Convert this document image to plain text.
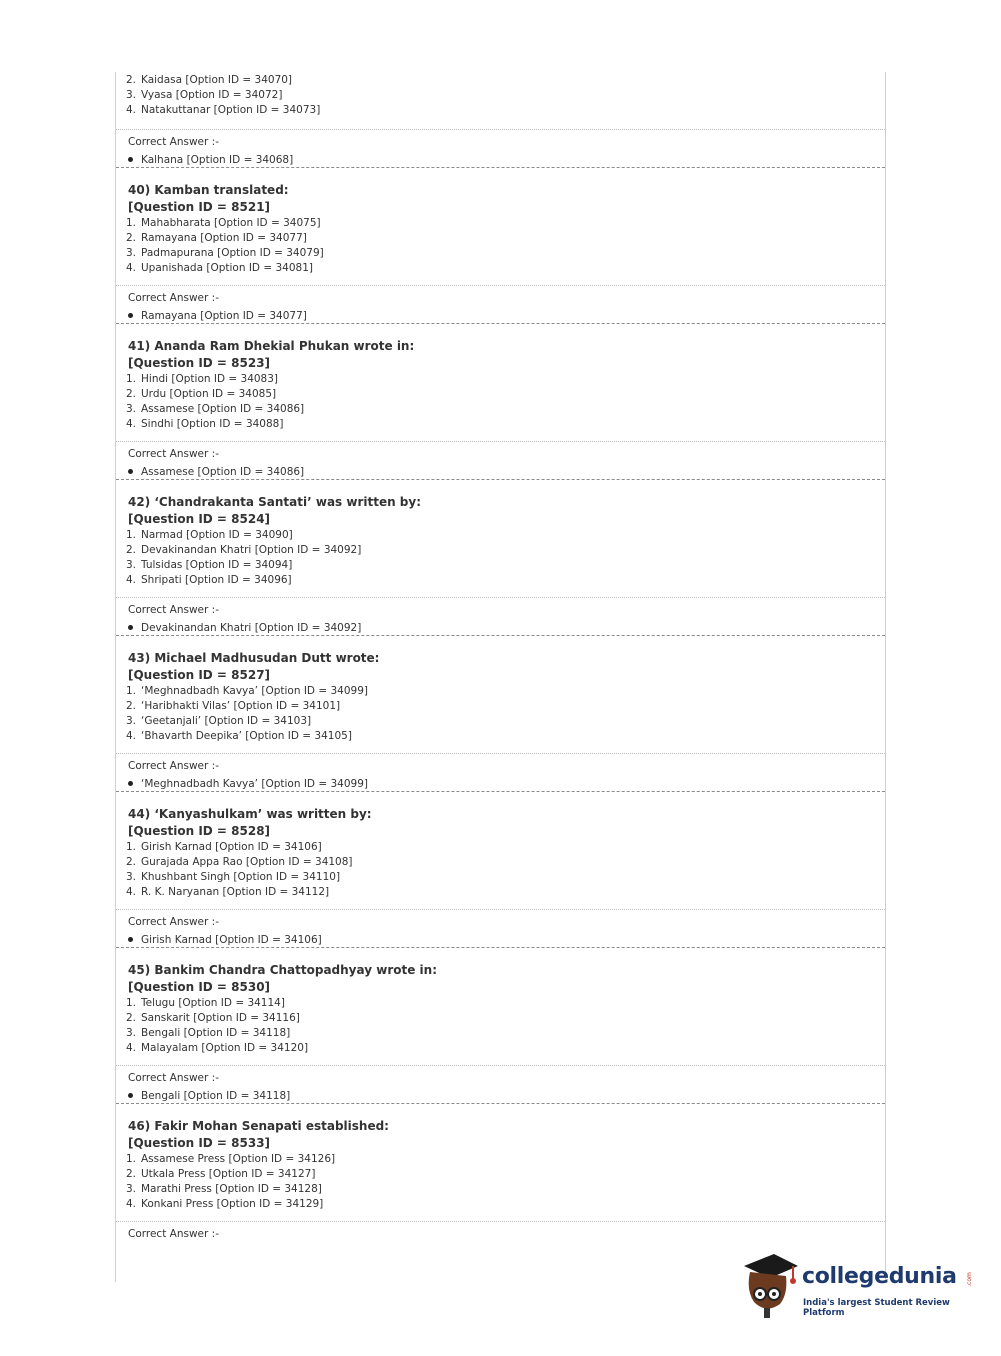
2. Kaidasa [Option ID = 34070]
3. Vyasa [Option ID = 34072]
4. Natakuttanar [Option ID = 34073]
Correct Answer :-
Kalhana [Option ID = 34068]
40) Kamban translated:
[Question ID = 8521]
1. Mahabharata [Option ID = 34075]
2. Ramayana [Option ID = 34077]
3. Padmapurana [Option ID = 34079]
4. Upanishada [Option ID = 34081]
Correct Answer :-
Ramayana [Option ID = 34077]
41) Ananda Ram Dhekial Phukan wrote in:
[Question ID = 8523]
1. Hindi [Option ID = 34083]
2. Urdu [Option ID = 34085]
3. Assamese [Option ID = 34086]
4. Sindhi [Option ID = 34088]
Correct Answer :-
Assamese [Option ID = 34086]
42) ‘Chandrakanta Santati’ was written by:
[Question ID = 8524]
1. Narmad [Option ID = 34090]
2. Devakinandan Khatri [Option ID = 34092]
3. Tulsidas [Option ID = 34094]
4. Shripati [Option ID = 34096]
Correct Answer :-
Devakinandan Khatri [Option ID = 34092]
43) Michael Madhusudan Dutt wrote:
[Question ID = 8527]
1. ‘Meghnadbadh Kavya’ [Option ID = 34099]
2. ‘Haribhakti Vilas’ [Option ID = 34101]
3. ‘Geetanjali’ [Option ID = 34103]
4. ‘Bhavarth Deepika’ [Option ID = 34105]
Correct Answer :-
‘Meghnadbadh Kavya’ [Option ID = 34099]
44) ‘Kanyashulkam’ was written by:
[Question ID = 8528]
1. Girish Karnad [Option ID = 34106]
2. Gurajada Appa Rao [Option ID = 34108]
3. Khushbant Singh [Option ID = 34110]
4. R. K. Naryanan [Option ID = 34112]
Correct Answer :-
Girish Karnad [Option ID = 34106]
45) Bankim Chandra Chattopadhyay wrote in:
[Question ID = 8530]
1. Telugu [Option ID = 34114]
2. Sanskarit [Option ID = 34116]
3. Bengali [Option ID = 34118]
4. Malayalam [Option ID = 34120]
Correct Answer :-
Bengali [Option ID = 34118]
46) Fakir Mohan Senapati established:
[Question ID = 8533]
1. Assamese Press [Option ID = 34126]
2. Utkala Press [Option ID = 34127]
3. Marathi Press [Option ID = 34128]
4. Konkani Press [Option ID = 34129]
Correct Answer :-
collegedunia .com
India's largest Student Review Platform
